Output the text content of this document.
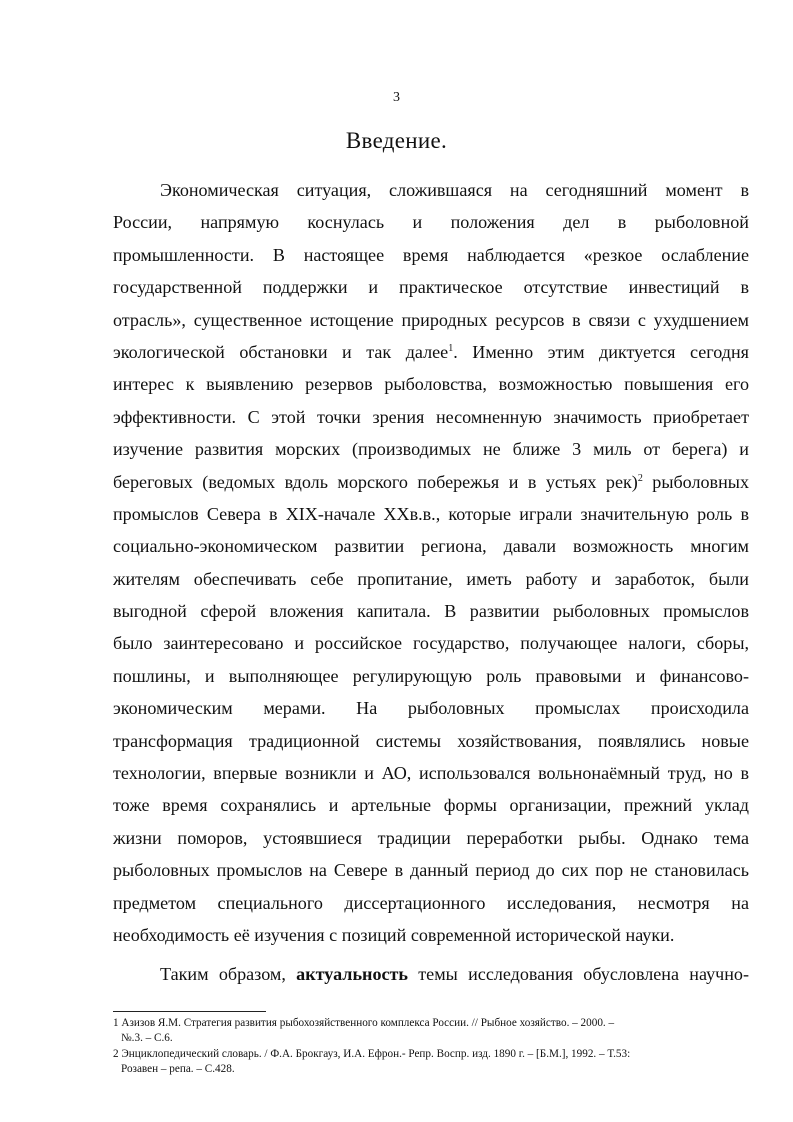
3
Введение.
Экономическая ситуация, сложившаяся на сегодняшний момент в
России, напрямую коснулась и положения дел в рыболовной
промышленности. В настоящее время наблюдается «резкое ослабление
государственной поддержки и практическое отсутствие инвестиций в
отрасль», существенное истощение природных ресурсов в связи с ухудшением
экологической обстановки и так далее$^1$. Именно этим диктуется сегодня
интерес к выявлению резервов рыболовства, возможностью повышения его
эффективности. С этой точки зрения несомненную значимость приобретает
изучение развития морских (производимых не ближе 3 миль от берега) и
береговых (ведомых вдоль морского побережья и в устьях рек)$^2$ рыболовных
промыслов Севера в XIX-начале XXв.в., которые играли значительную роль в
социально-экономическом развитии региона, давали возможность многим
жителям обеспечивать себе пропитание, иметь работу и заработок, были
выгодной сферой вложения капитала. В развитии рыболовных промыслов
было заинтересовано и российское государство, получающее налоги, сборы,
пошлины, и выполняющее регулирующую роль правовыми и финансово-
экономическим мерами. На рыболовных промыслах происходила
трансформация традиционной системы хозяйствования, появлялись новые
технологии, впервые возникли и АО, использовался вольнонаёмный труд, но в
тоже время сохранялись и артельные формы организации, прежний уклад
жизни поморов, устоявшиеся традиции переработки рыбы. Однако тема
рыболовных промыслов на Севере в данный период до сих пор не становилась
предметом специального диссертационного исследования, несмотря на
необходимость её изучения с позиций современной исторической науки.
Таким образом, актуальность темы исследования обусловлена научно-
1 Азизов Я.М. Стратегия развития рыбохозяйственного комплекса России. // Рыбное хозяйство. – 2000. –
№.3. – С.6.
2 Энциклопедический словарь. / Ф.А. Брокгауз, И.А. Ефрон.- Репр. Воспр. изд. 1890 г. – [Б.М.], 1992. – Т.53:
Розавен – репа. – С.428.
